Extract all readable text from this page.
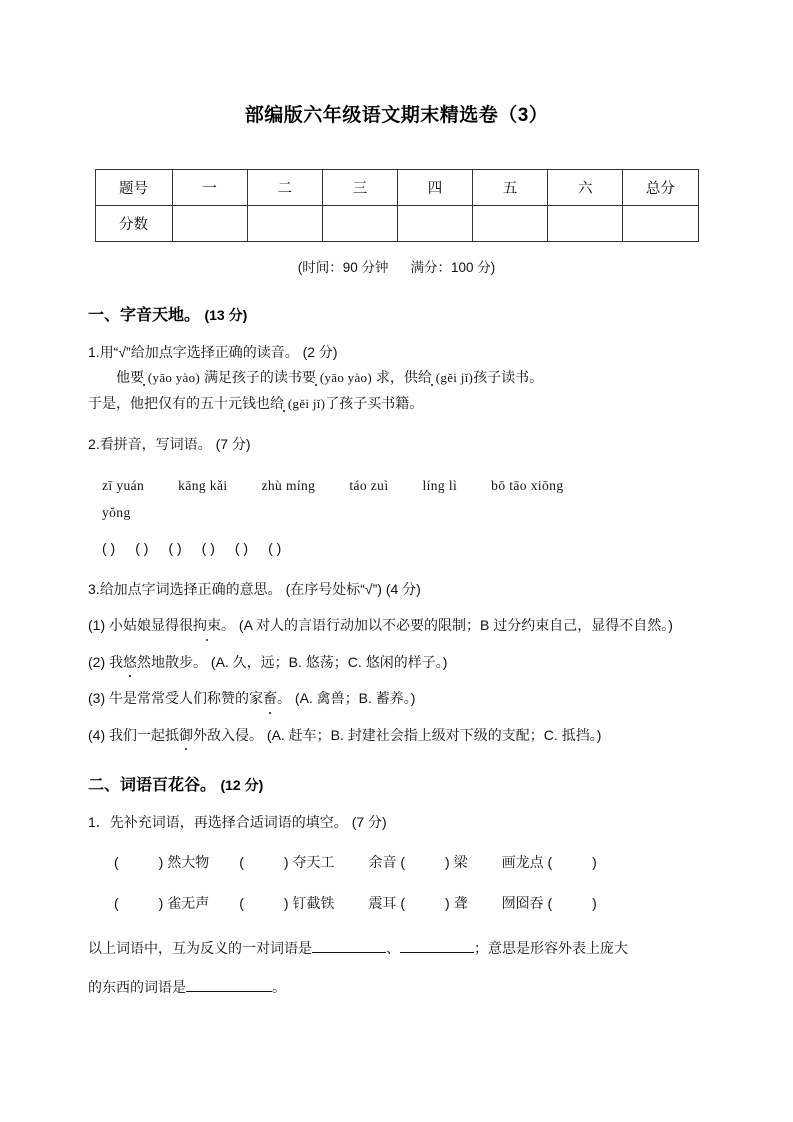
部编版六年级语文期末精选卷（3）
题号	一	二	三	四	五	六	总分
分数							
(时间：90 分钟 满分：100 分)
一、字音天地。 (13 分)
1.用“√”给加点字选择正确的读音。 (2 分)
他要 (yāo yào) 满足孩子的读书要 (yāo yào) 求，供给 (gěi jǐ)孩子读书。
于是，他把仅有的五十元钱也给 (gěi jǐ)了孩子买书籍。
2.看拼音，写词语。 (7 分)
zī yuán	kāng kǎi	zhù míng	táo zuì	líng lì	bō tāo xiōng
yǒng
( ) ( ) ( ) ( ) ( ) ( )
3.给加点字词选择正确的意思。 (在序号处标“√”) (4 分)
(1) 小姑娘显得很拘束。 (A 对人的言语行动加以不必要的限制；B 过分约束自己，显得不自然。)
(2) 我悠然地散步。 (A. 久，远；B. 悠荡；C. 悠闲的样子。)
(3) 牛是常常受人们称赞的家畜。 (A. 禽兽；B. 蓄养。)
(4) 我们一起抵御外敌入侵。 (A. 赶车；B. 封建社会指上级对下级的支配；C. 抵挡。)
二、词语百花谷。 (12 分)
1．先补充词语，再选择合适词语的填空。 (7 分)
(	) 然大物 (	) 夺天工 余音 (	) 梁 画龙点 (	)
(	) 雀无声 (	) 钉截铁 震耳 (	) 聋 囫囵吞 (	)
以上词语中，互为反义的一对词语是	、	；意思是形容外表上庞大
的东西的词语是	。
